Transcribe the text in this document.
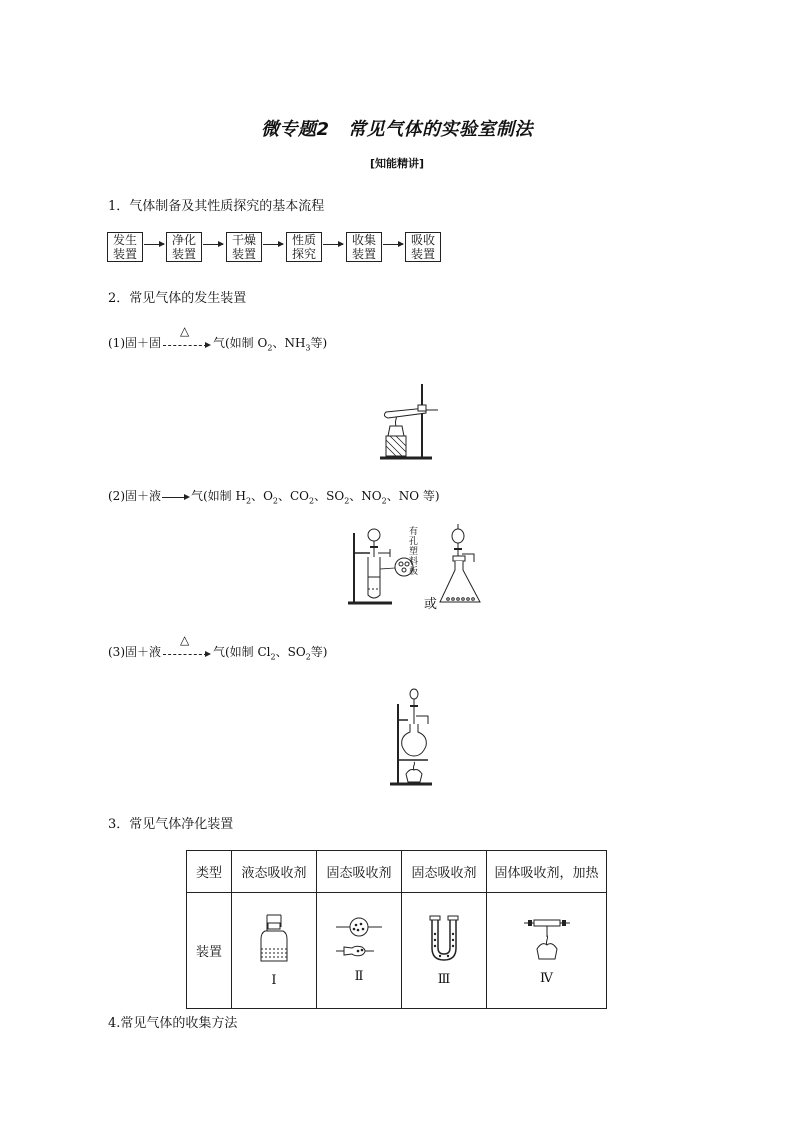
微专题2　常见气体的实验室制法
[知能精讲]
1．气体制备及其性质探究的基本流程
发生
装置
净化
装置
干燥
装置
性质
探究
收集
装置
吸收
装置
2．常见气体的发生装置
(1)固＋固
△
气(如制 $O_2$、$NH_3$等)
(2)固＋液	气(如制 $H_2$、$O_2$、$CO_2$、$SO_2$、$NO_2$、NO 等)
有孔塑料板
或
(3)固＋液
△
气(如制 $Cl_2$、$SO_2$等)
3．常见气体净化装置
类型	液态吸收剂	固态吸收剂	固态吸收剂	固体吸收剂，加热
装置	Ⅰ	Ⅱ	Ⅲ	Ⅳ
4.常见气体的收集方法
